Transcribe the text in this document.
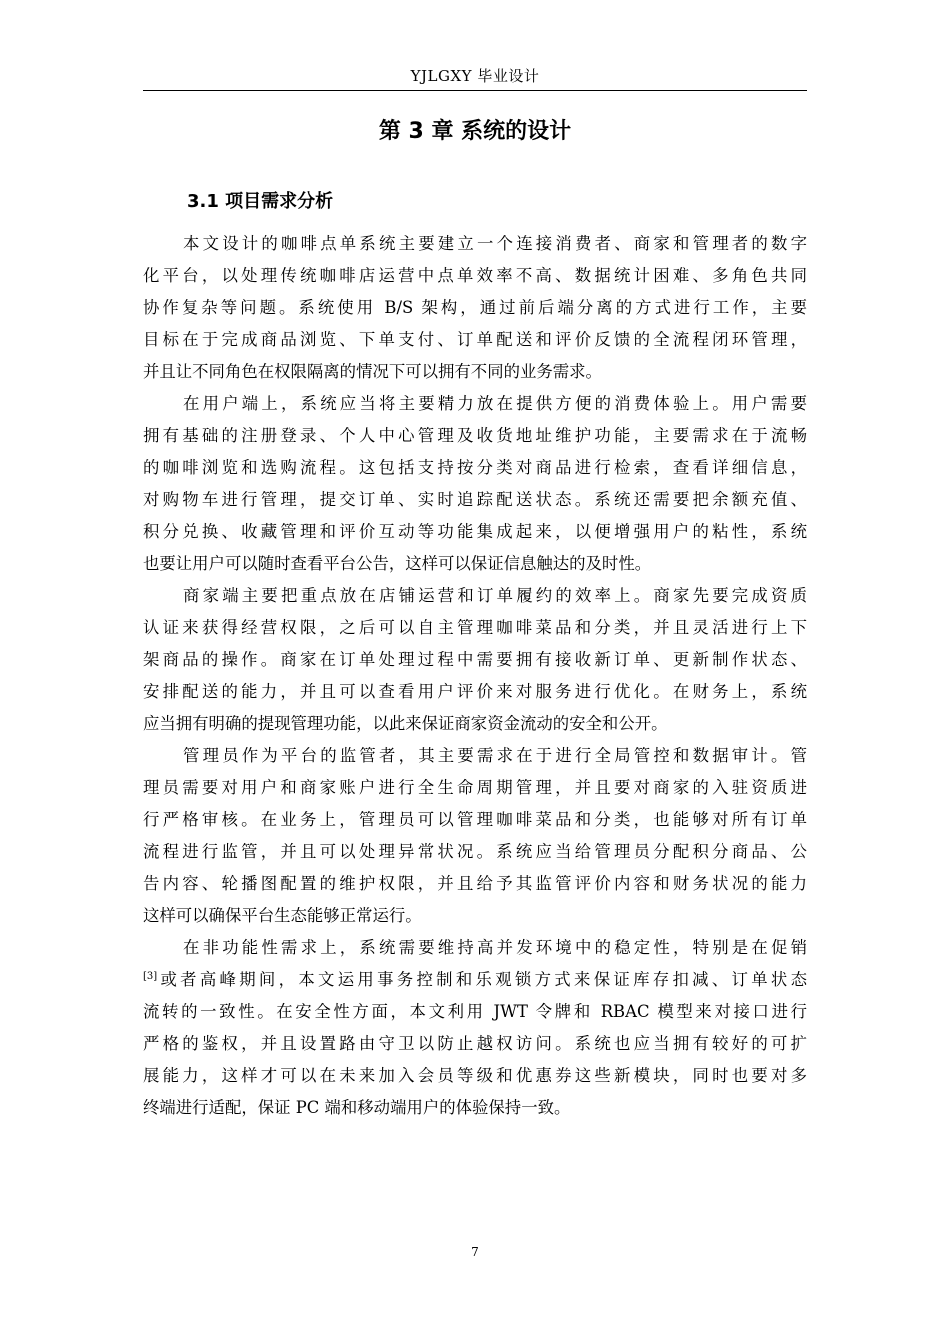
YJLGXY 毕业设计
第 3 章 系统的设计
3.1 项目需求分析
本文设计的咖啡点单系统主要建立一个连接消费者、商家和管理者的数字
化平台，以处理传统咖啡店运营中点单效率不高、数据统计困难、多角色共同
协作复杂等问题。系统使用 B/S 架构，通过前后端分离的方式进行工作，主要
目标在于完成商品浏览、下单支付、订单配送和评价反馈的全流程闭环管理，
并且让不同角色在权限隔离的情况下可以拥有不同的业务需求。
在用户端上，系统应当将主要精力放在提供方便的消费体验上。用户需要
拥有基础的注册登录、个人中心管理及收货地址维护功能，主要需求在于流畅
的咖啡浏览和选购流程。这包括支持按分类对商品进行检索，查看详细信息，
对购物车进行管理，提交订单、实时追踪配送状态。系统还需要把余额充值、
积分兑换、收藏管理和评价互动等功能集成起来，以便增强用户的粘性，系统
也要让用户可以随时查看平台公告，这样可以保证信息触达的及时性。
商家端主要把重点放在店铺运营和订单履约的效率上。商家先要完成资质
认证来获得经营权限，之后可以自主管理咖啡菜品和分类，并且灵活进行上下
架商品的操作。商家在订单处理过程中需要拥有接收新订单、更新制作状态、
安排配送的能力，并且可以查看用户评价来对服务进行优化。在财务上，系统
应当拥有明确的提现管理功能，以此来保证商家资金流动的安全和公开。
管理员作为平台的监管者，其主要需求在于进行全局管控和数据审计。管
理员需要对用户和商家账户进行全生命周期管理，并且要对商家的入驻资质进
行严格审核。在业务上，管理员可以管理咖啡菜品和分类，也能够对所有订单
流程进行监管，并且可以处理异常状况。系统应当给管理员分配积分商品、公
告内容、轮播图配置的维护权限，并且给予其监管评价内容和财务状况的能力
这样可以确保平台生态能够正常运行。
在非功能性需求上，系统需要维持高并发环境中的稳定性，特别是在促销
[3]或者高峰期间，本文运用事务控制和乐观锁方式来保证库存扣减、订单状态
流转的一致性。在安全性方面，本文利用 JWT 令牌和 RBAC 模型来对接口进行
严格的鉴权，并且设置路由守卫以防止越权访问。系统也应当拥有较好的可扩
展能力，这样才可以在未来加入会员等级和优惠券这些新模块，同时也要对多
终端进行适配，保证 PC 端和移动端用户的体验保持一致。
7
